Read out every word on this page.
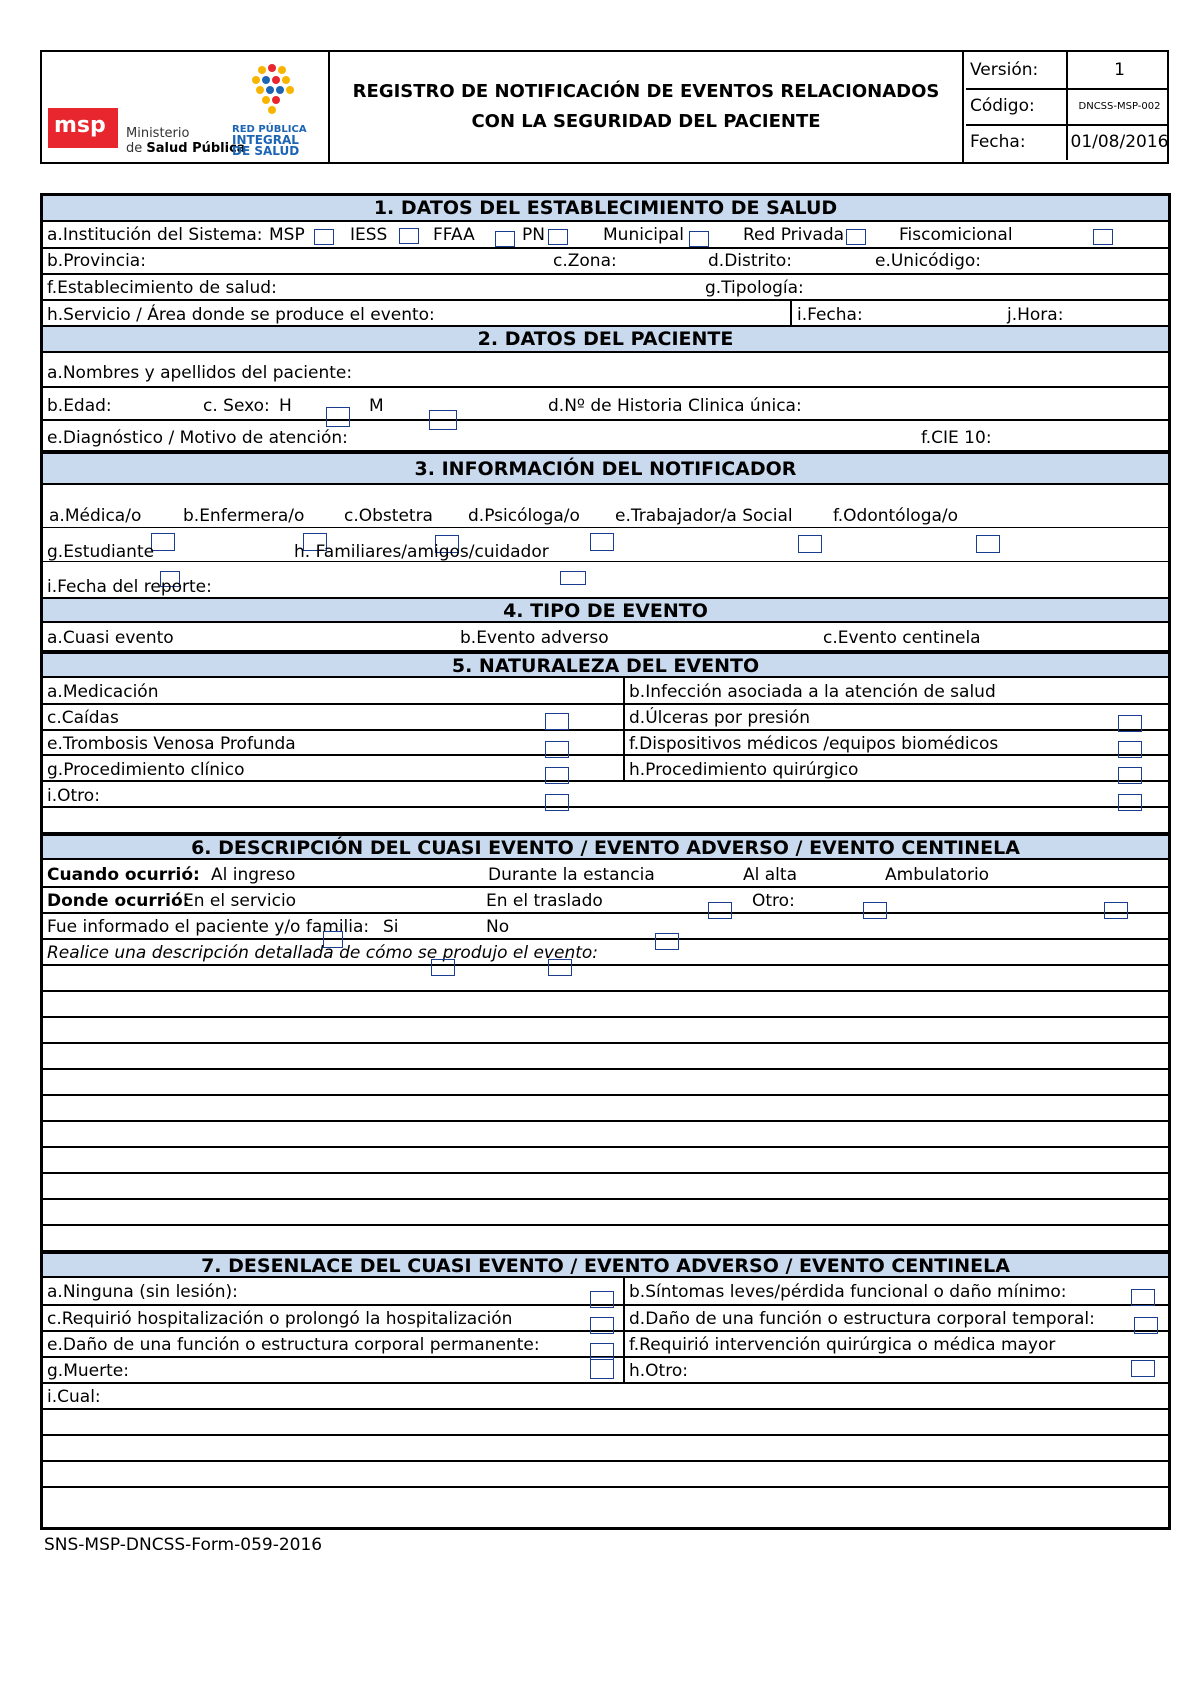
msp Ministerio
de Salud Pública
RED PÚBLICA
INTEGRAL
DE SALUD
REGISTRO DE NOTIFICACIÓN DE EVENTOS RELACIONADOS CON LA SEGURIDAD DEL PACIENTE
Versión:	1
Código:	DNCSS-MSP-002
Fecha:	01/08/2016
1. DATOS DEL ESTABLECIMIENTO DE SALUD
a.Institución del Sistema: MSP	IESS	FFAA	PN	Municipal	Red Privada	Fiscomicional
b.Provincia:	c.Zona:	d.Distrito:	e.Unicódigo:
f.Establecimiento de salud:	g.Tipología:
h.Servicio / Área donde se produce el evento:	i.Fecha:	j.Hora:
2. DATOS DEL PACIENTE
a.Nombres y apellidos del paciente:
b.Edad:	c. Sexo: H	M	d.Nº de Historia Clinica única:
e.Diagnóstico / Motivo de atención:	f.CIE 10:
3. INFORMACIÓN DEL NOTIFICADOR
a.Médica/o b.Enfermera/o c.Obstetra d.Psicóloga/o e.Trabajador/a Social f.Odontóloga/o
g.Estudiante	h. Familiares/amigos/cuidador
i.Fecha del reporte:
4. TIPO DE EVENTO
a.Cuasi evento	b.Evento adverso	c.Evento centinela
5. NATURALEZA DEL EVENTO
a.Medicación	b.Infección asociada a la atención de salud
c.Caídas	d.Úlceras por presión
e.Trombosis Venosa Profunda	f.Dispositivos médicos /equipos biomédicos
g.Procedimiento clínico	h.Procedimiento quirúrgico
i.Otro:
6. DESCRIPCIÓN DEL CUASI EVENTO / EVENTO ADVERSO / EVENTO CENTINELA
Cuando ocurrió: Al ingreso	Durante la estancia	Al alta	Ambulatorio
Donde ocurrió:
En el servicio	En el traslado	Otro:
Fue informado el paciente y/o familia: Si	No
Realice una descripción detallada de cómo se produjo el evento:
7. DESENLACE DEL CUASI EVENTO / EVENTO ADVERSO / EVENTO CENTINELA
a.Ninguna (sin lesión):	b.Síntomas leves/pérdida funcional o daño mínimo:
c.Requirió hospitalización o prolongó la hospitalización	d.Daño de una función o estructura corporal temporal:
e.Daño de una función o estructura corporal permanente:	f.Requirió intervención quirúrgica o médica mayor
g.Muerte:	h.Otro:
i.Cual:
SNS-MSP-DNCSS-Form-059-2016
